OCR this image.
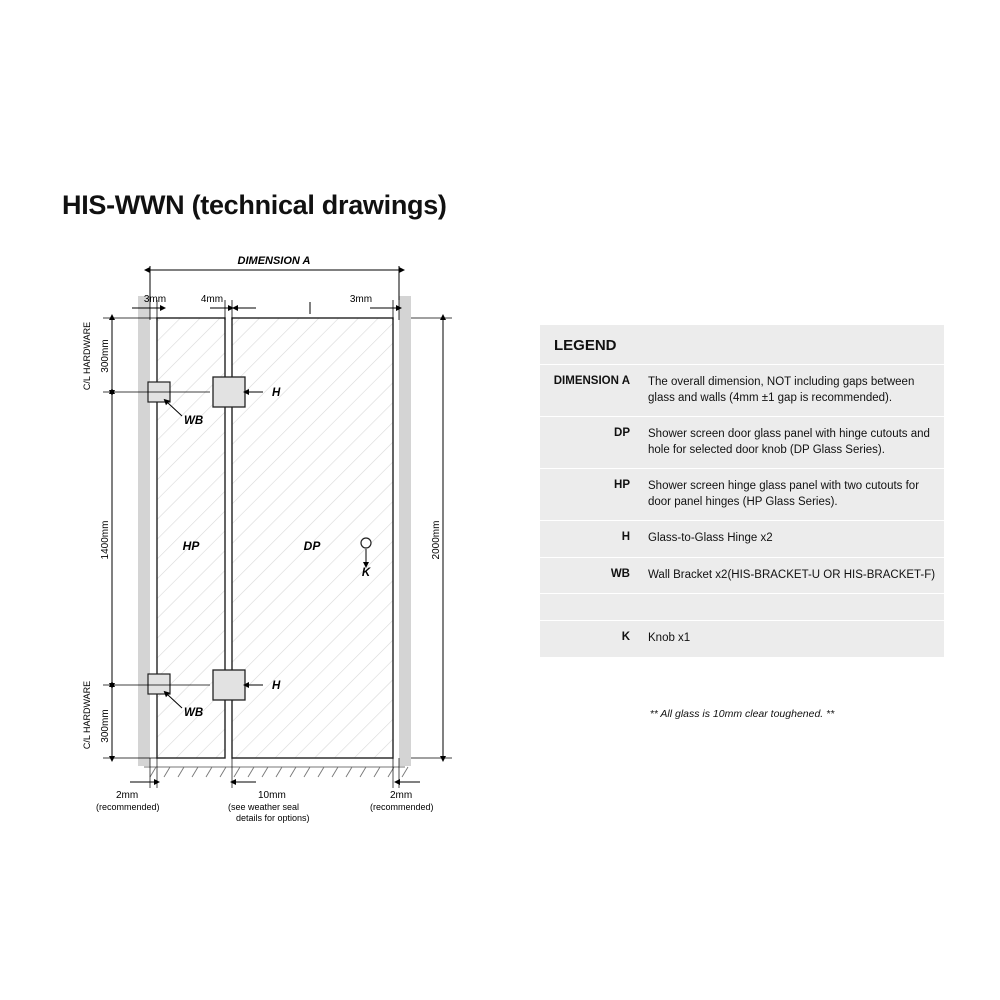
HIS-WWN (technical drawings)
HP	DP
DIMENSION A
3mm	4mm	3mm
H
H
WB
WB
K
300mm
C/L HARDWARE
1400mm
300mm
C/L HARDWARE
2000mm
2mm
(recommended)
10mm
(see weather seal
details for options)
2mm
(recommended)
LEGEND
DIMENSION A	The overall dimension, NOT including gaps between glass and walls (4mm ±1 gap is recommended).
DP	Shower screen door glass panel with hinge cutouts and hole for selected door knob (DP Glass Series).
HP	Shower screen hinge glass panel with two cutouts for door panel hinges (HP Glass Series).
H	Glass-to-Glass Hinge x2
WB	Wall Bracket x2(HIS-BRACKET-U OR HIS-BRACKET-F)
K	Knob x1
** All glass is 10mm clear toughened. **
